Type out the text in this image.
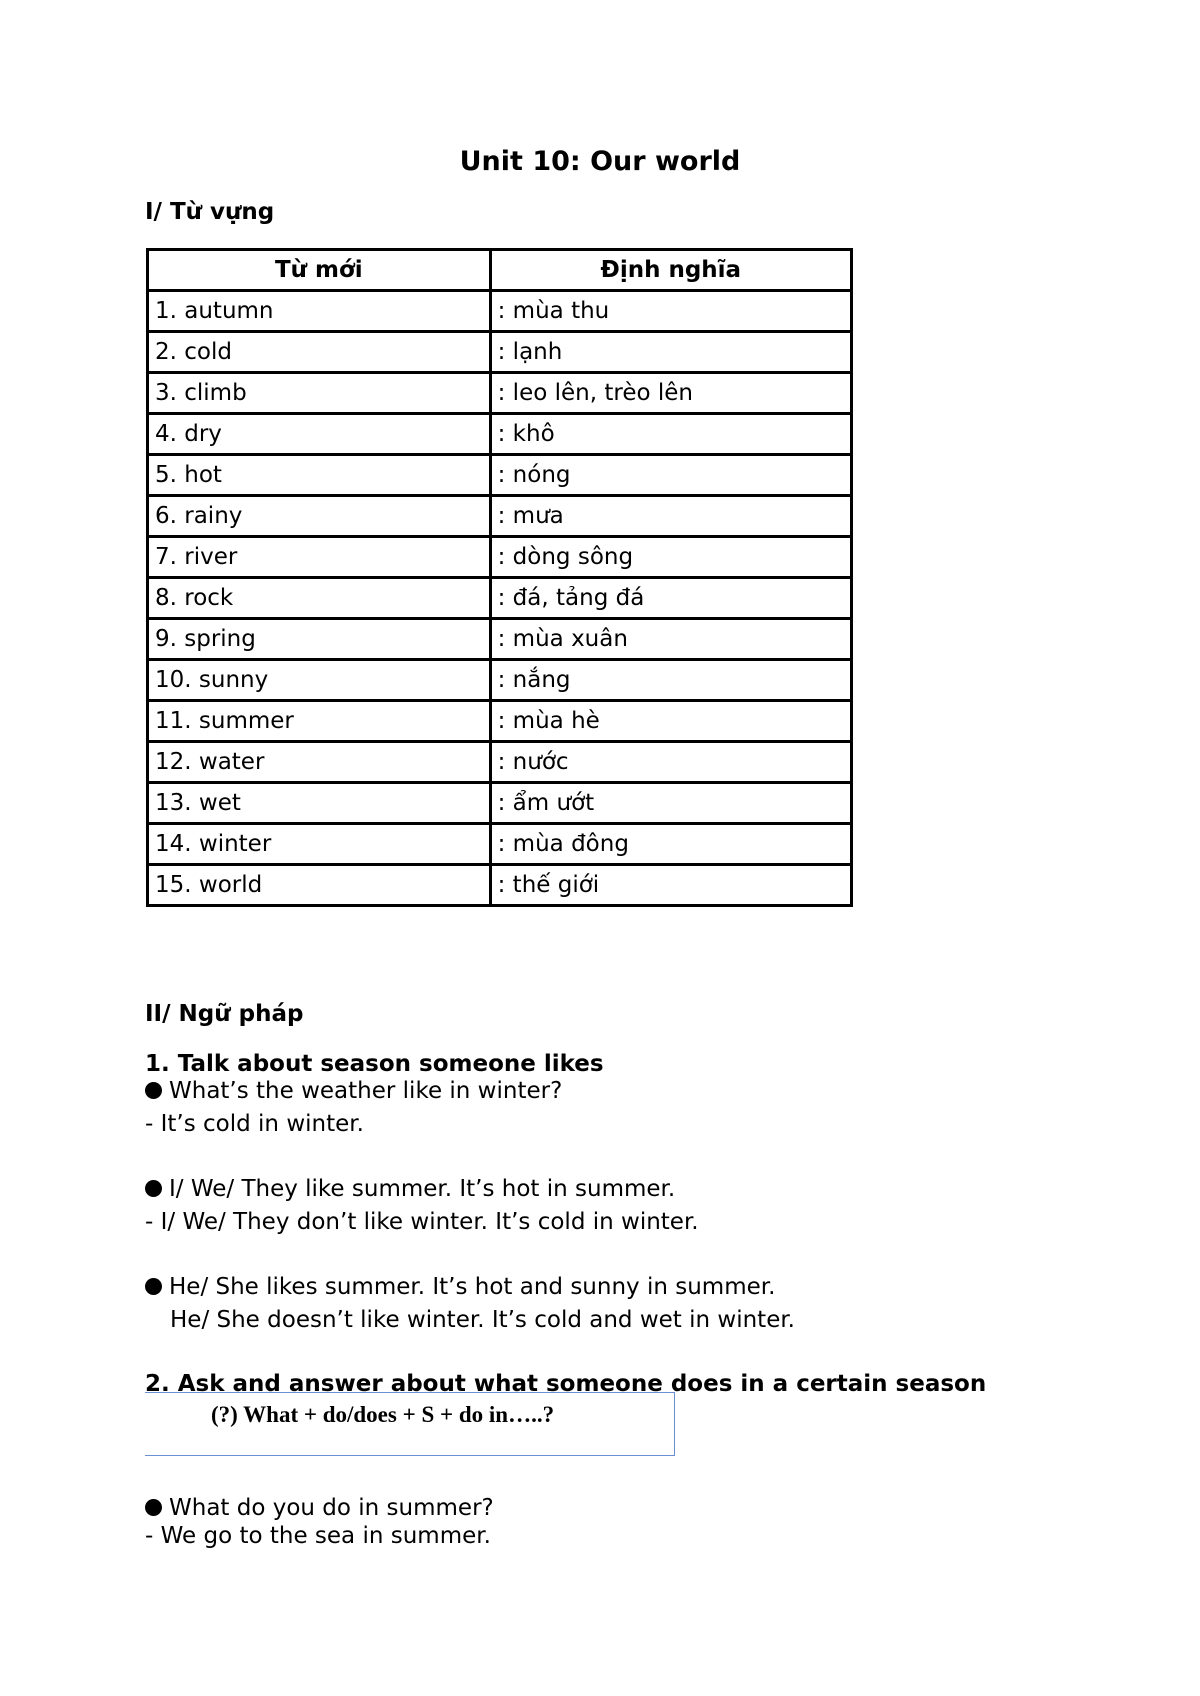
Unit 10: Our world
I/ Từ vựng
Từ mới	Định nghĩa
1. autumn	: mùa thu
2. cold	: lạnh
3. climb	: leo lên, trèo lên
4. dry	: khô
5. hot	: nóng
6. rainy	: mưa
7. river	: dòng sông
8. rock	: đá, tảng đá
9. spring	: mùa xuân
10. sunny	: nắng
11. summer	: mùa hè
12. water	: nước
13. wet	: ẩm ướt
14. winter	: mùa đông
15. world	: thế giới
II/ Ngữ pháp
1. Talk about season someone likes
What’s the weather like in winter?
- It’s cold in winter.
I/ We/ They like summer. It’s hot in summer.
- I/ We/ They don’t like winter. It’s cold in winter.
He/ She likes summer. It’s hot and sunny in summer.
He/ She doesn’t like winter. It’s cold and wet in winter.
2. Ask and answer about what someone does in a certain season
(?) What + do/does + S + do in…..?
What do you do in summer?
- We go to the sea in summer.
